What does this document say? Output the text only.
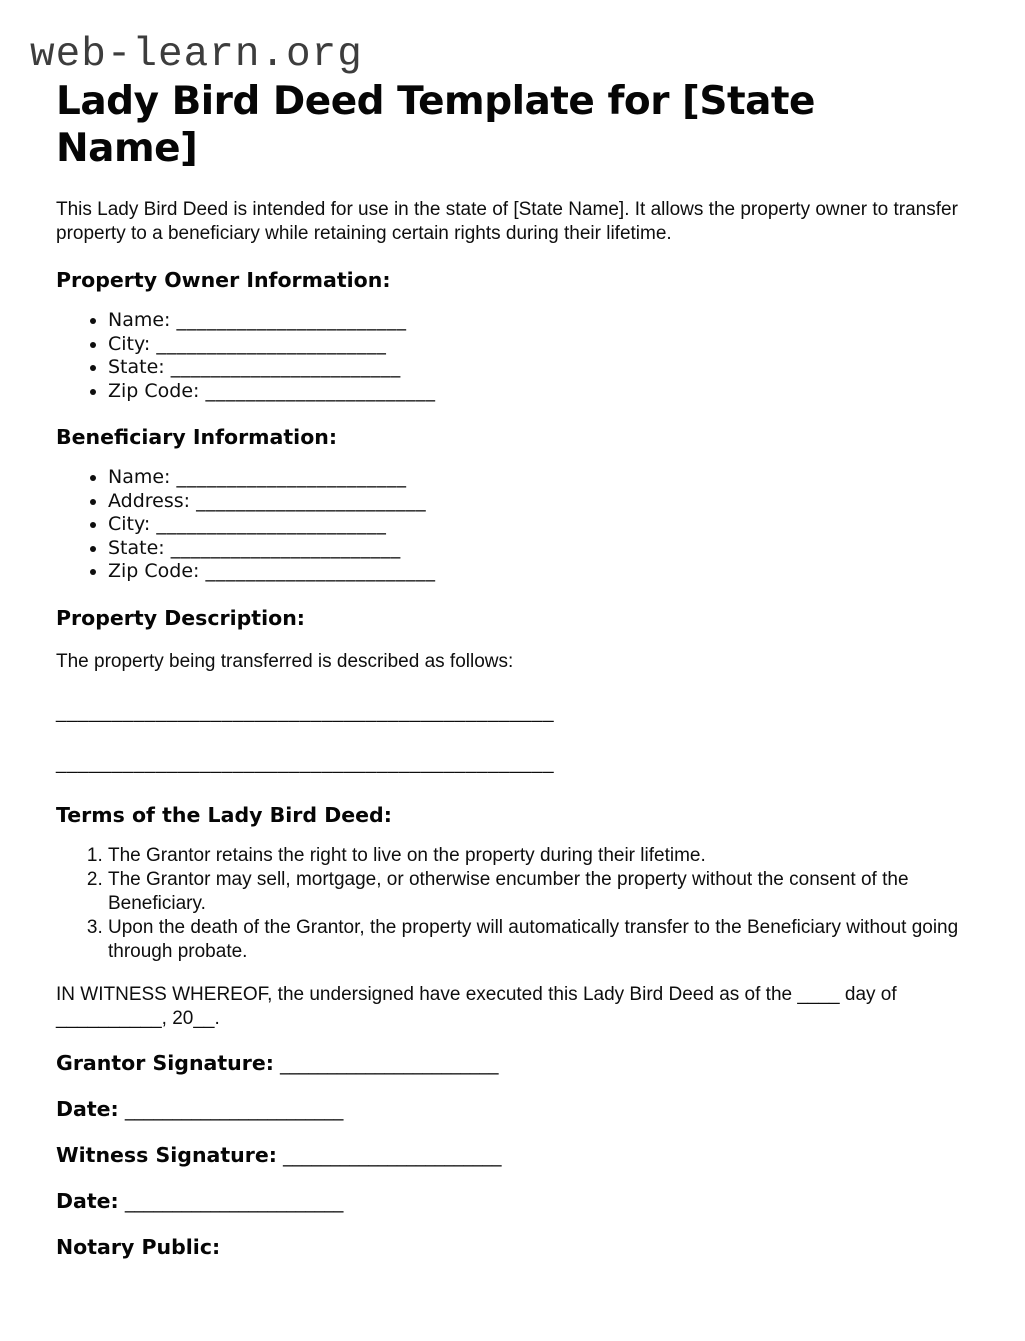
web-learn.org
Lady Bird Deed Template for [State Name]

This Lady Bird Deed is intended for use in the state of [State Name]. It allows the property owner to transfer property to a beneficiary while retaining certain rights during their lifetime.

Property Owner Information:
• Name: _______________________
• City: _______________________
• State: _______________________
• Zip Code: _______________________
Beneficiary Information:
• Name: _______________________
• Address: _______________________
• City: _______________________
• State: _______________________
• Zip Code: _______________________
Property Description:

The property being transferred is described as follows:

_____________________________________________

_____________________________________________

Terms of the Lady Bird Deed:
1. The Grantor retains the right to live on the property during their lifetime.
2. The Grantor may sell, mortgage, or otherwise encumber the property without the consent of the Beneficiary.
3. Upon the death of the Grantor, the property will automatically transfer to the Beneficiary without going through probate.

IN WITNESS WHEREOF, the undersigned have executed this Lady Bird Deed as of the ____ day of __________, 20__.

Grantor Signature: _______________________

Date: _______________________

Witness Signature: _______________________

Date: _______________________

Notary Public:
